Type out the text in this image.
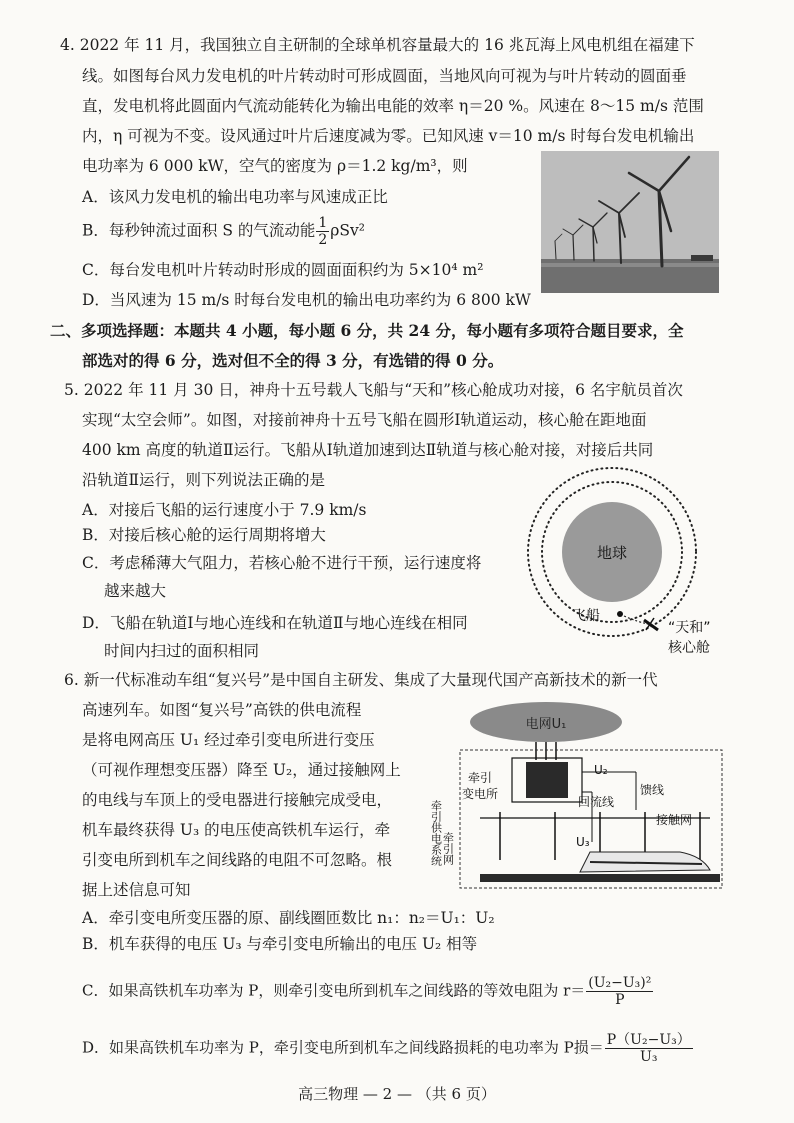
4. 2022 年 11 月，我国独立自主研制的全球单机容量最大的 16 兆瓦海上风电机组在福建下
线。如图每台风力发电机的叶片转动时可形成圆面，当地风向可视为与叶片转动的圆面垂
直，发电机将此圆面内气流动能转化为输出电能的效率 η＝20 %。风速在 8～15 m/s 范围
内，η 可视为不变。设风通过叶片后速度减为零。已知风速 v＝10 m/s 时每台发电机输出
电功率为 6 000 kW，空气的密度为 ρ＝1.2 kg/m³，则
A．该风力发电机的输出电功率与风速成正比
B．每秒钟流过面积 S 的气流动能 $\frac{1}{2} \rho Sv^2$
C．每台发电机叶片转动时形成的圆面面积约为 5×10⁴ m²
D．当风速为 15 m/s 时每台发电机的输出电功率约为 6 800 kW
二、多项选择题：本题共 4 小题，每小题 6 分，共 24 分，每小题有多项符合题目要求，全
部选对的得 6 分，选对但不全的得 3 分，有选错的得 0 分。
5. 2022 年 11 月 30 日，神舟十五号载人飞船与“天和”核心舱成功对接，6 名宇航员首次
实现“太空会师”。如图，对接前神舟十五号飞船在圆形Ⅰ轨道运动，核心舱在距地面
400 km 高度的轨道Ⅱ运行。飞船从Ⅰ轨道加速到达Ⅱ轨道与核心舱对接，对接后共同
沿轨道Ⅱ运行，则下列说法正确的是
A．对接后飞船的运行速度小于 7.9 km/s
B．对接后核心舱的运行周期将增大
C．考虑稀薄大气阻力，若核心舱不进行干预，运行速度将
越来越大
D．飞船在轨道Ⅰ与地心连线和在轨道Ⅱ与地心连线在相同
时间内扫过的面积相同
地球
飞船
“天和”
核心舱
6. 新一代标准动车组“复兴号”是中国自主研发、集成了大量现代国产高新技术的新一代
高速列车。如图“复兴号”高铁的供电流程
是将电网高压 U₁ 经过牵引变电所进行变压
（可视作理想变压器）降至 U₂，通过接触网上
的电线与车顶上的受电器进行接触完成受电，
机车最终获得 U₃ 的电压使高铁机车运行，牵
引变电所到机车之间线路的电阻不可忽略。根
据上述信息可知
电网U₁
牵引
变电所
U₂
馈线
回流线
接触网
U₃
牵引网
牵引供电系统
A．牵引变电所变压器的原、副线圈匝数比 n₁：n₂＝U₁：U₂
B．机车获得的电压 U₃ 与牵引变电所输出的电压 U₂ 相等
C．如果高铁机车功率为 P，则牵引变电所到机车之间线路的等效电阻为 $r= \frac{\text{(U₂−U₃)²}}{P}$
D．如果高铁机车功率为 P，牵引变电所到机车之间线路损耗的电功率为 P损＝ $\frac{\text{P（U₂−U₃）}}{\text{U₃}}$
高三物理 — 2 — （共 6 页）
